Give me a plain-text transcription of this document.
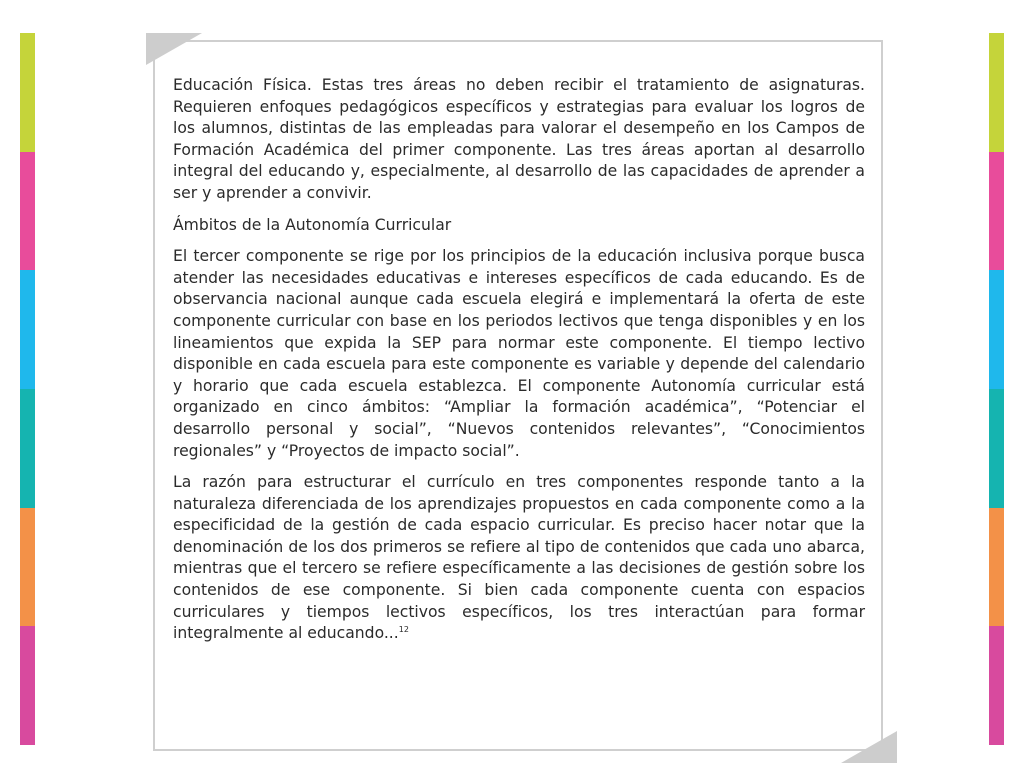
Educación Física. Estas tres áreas no deben recibir el tratamiento de asignaturas. Requieren enfoques pedagógicos específicos y estrategias para evaluar los logros de los alumnos, distintas de las empleadas para valorar el desempeño en los Campos de Formación Académica del primer componente. Las tres áreas aportan al desarrollo integral del educando y, especialmente, al desarrollo de las capacidades de aprender a ser y aprender a convivir.

Ámbitos de la Autonomía Curricular

El tercer componente se rige por los principios de la educación inclusiva porque busca atender las necesidades educativas e intereses específicos de cada educando. Es de observancia nacional aunque cada escuela elegirá e implementará la oferta de este componente curricular con base en los periodos lectivos que tenga disponibles y en los lineamientos que expida la SEP para normar este componente. El tiempo lectivo disponible en cada escuela para este componente es variable y depende del calendario y horario que cada escuela establezca. El componente Autonomía curricular está organizado en cinco ámbitos: “Ampliar la formación académica”, “Potenciar el desarrollo personal y social”, “Nuevos contenidos relevantes”, “Conocimientos regionales” y “Proyectos de impacto social”.

La razón para estructurar el currículo en tres componentes responde tanto a la naturaleza diferenciada de los aprendizajes propuestos en cada componente como a la especificidad de la gestión de cada espacio curricular. Es preciso hacer notar que la denominación de los dos primeros se refiere al tipo de contenidos que cada uno abarca, mientras que el tercero se refiere específicamente a las decisiones de gestión sobre los contenidos de ese componente. Si bien cada componente cuenta con espacios curriculares y tiempos lectivos específicos, los tres interactúan para formar integralmente al educando...$^{12}$
